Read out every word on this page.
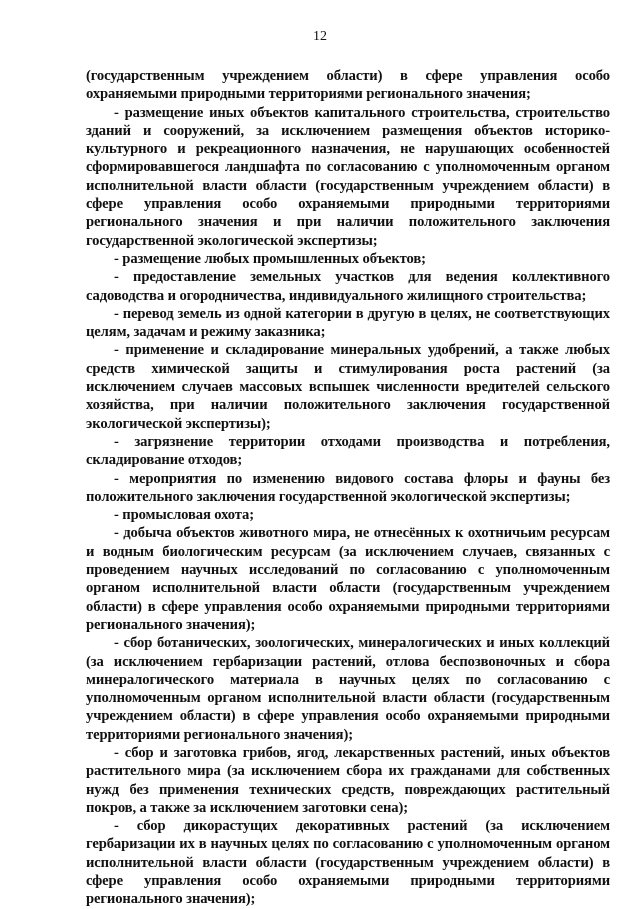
12

(государственным учреждением области) в сфере управления особо охраняемыми природными территориями регионального значения;

- размещение иных объектов капитального строительства, строительство зданий и сооружений, за исключением размещения объектов историко-культурного и рекреационного назначения, не нарушающих особенностей сформировавшегося ландшафта по согласованию с уполномоченным органом исполнительной власти области (государственным учреждением области) в сфере управления особо охраняемыми природными территориями регионального значения и при наличии положительного заключения государственной экологической экспертизы;

- размещение любых промышленных объектов;

- предоставление земельных участков для ведения коллективного садоводства и огородничества, индивидуального жилищного строительства;

- перевод земель из одной категории в другую в целях, не соответствующих целям, задачам и режиму заказника;

- применение и складирование минеральных удобрений, а также любых средств химической защиты и стимулирования роста растений (за исключением случаев массовых вспышек численности вредителей сельского хозяйства, при наличии положительного заключения государственной экологической экспертизы);

- загрязнение территории отходами производства и потребления, складирование отходов;

- мероприятия по изменению видового состава флоры и фауны без положительного заключения государственной экологической экспертизы;

- промысловая охота;

- добыча объектов животного мира, не отнесённых к охотничьим ресурсам и водным биологическим ресурсам (за исключением случаев, связанных с проведением научных исследований по согласованию с уполномоченным органом исполнительной власти области (государственным учреждением области) в сфере управления особо охраняемыми природными территориями регионального значения);

- сбор ботанических, зоологических, минералогических и иных коллекций (за исключением гербаризации растений, отлова беспозвоночных и сбора минералогического материала в научных целях по согласованию с уполномоченным органом исполнительной власти области (государственным учреждением области) в сфере управления особо охраняемыми природными территориями регионального значения);

- сбор и заготовка грибов, ягод, лекарственных растений, иных объектов растительного мира (за исключением сбора их гражданами для собственных нужд без применения технических средств, повреждающих растительный покров, а также за исключением заготовки сена);

- сбор дикорастущих декоративных растений (за исключением гербаризации их в научных целях по согласованию с уполномоченным органом исполнительной власти области (государственным учреждением области) в сфере управления особо охраняемыми природными территориями регионального значения);
